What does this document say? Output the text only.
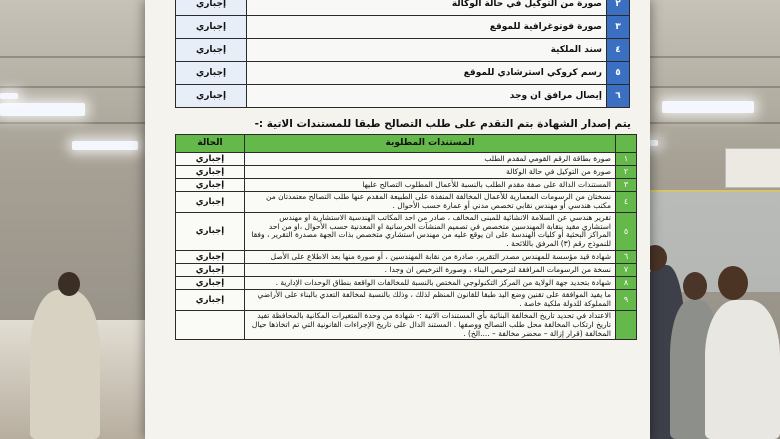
٢	صورة من التوكيل في حالة الوكالة	إجباري
٣	صورة فوتوغرافية للموقع	إجباري
٤	سند الملكية	إجباري
٥	رسم كروكي استرشادي للموقع	إجباري
٦	إيصال مرافق ان وجد	إجباري
يتم إصدار الشهادة بتم التقدم على طلب التصالح طبقا للمستندات الاتية :-
	المستندات المطلوبة	الحالة
١	صورة بطاقة الرقم القومي لمقدم الطلب	إجباري
٢	صورة من التوكيل في حالة الوكالة	إجباري
٣	المستندات الدالة على صفة مقدم الطلب بالنسبة للأعمال المطلوب التصالح عليها	إجباري
٤	نسختان من الرسومات المعمارية للأعمال المخالفة المنفذة على الطبيعة المقدم عنها طلب التصالح معتمدتان من مكتب هندسي أو مهندس نقابي تخصص مدني أو عمارة حسب الأحوال .	إجباري
٥	تقرير هندسي عن السلامة الانشائية للمبنى المخالف ، صادر من احد المكاتب الهندسية الاستشارية او مهندس استشاري مقيد بنقابة المهندسين متخصص في تصميم المنشآت الخرسانية او المعدنية حسب الأحوال ،او من احد المراكز البحثية أو كليات الهندسة على ان يوقع عليه من مهندس استشاري متخصص بذات الجهة مصدرة التقرير ، وفقا للنموذج رقم (٣) المرفق باللائحة .	إجباري
٦	شهادة قيد مؤسسة للمهندس مصدر التقرير، صادرة من نقابة المهندسين ، أو صورة منها بعد الاطلاع على الأصل	إجباري
٧	نسخة من الرسومات المرافقة لترخيص البناء ، وصورة الترخيص ان وجدا .	إجباري
٨	شهادة بتحديد جهة الولاية من المركز التكنولوجي المختص بالنسبة للمخالفات الواقعة بنطاق الوحدات الإدارية .	إجباري
٩	ما يفيد الموافقة على تقنين وضع اليد طبقا للقانون المنظم لذلك ، وذلك بالنسبة لمخالفة التعدي بالبناء على الأراضي المملوكة للدولة ملكية خاصة .	إجباري
	الاعتداد في تحديد تاريخ المخالفة البنائية بأي المستندات الاتية :- شهادة من وحدة المتغيرات المكانية بالمحافظة تفيد تاريخ ارتكاب المخالفة محل طلب التصالح ووصفها . المستند الدال على تاريخ الإجراءات القانونية التي تم اتخاذها حيال المخالفة (قرار إزالة – محضر مخالفة – ....الخ) .	
